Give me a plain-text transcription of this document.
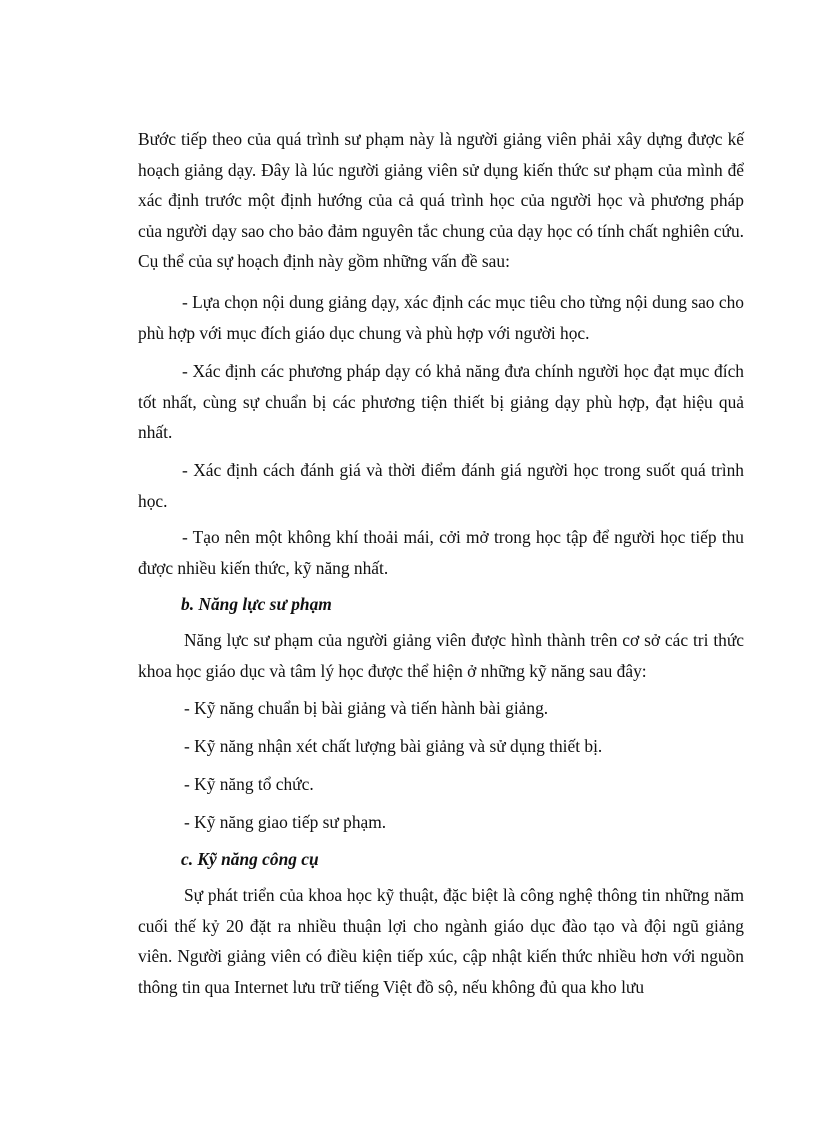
Bước tiếp theo của quá trình sư phạm này là người giảng viên phải xây dựng được kế hoạch giảng dạy. Đây là lúc người giảng viên sử dụng kiến thức sư phạm của mình để xác định trước một định hướng của cả quá trình học của người học và phương pháp của người dạy sao cho bảo đảm nguyên tắc chung của dạy học có tính chất nghiên cứu. Cụ thể của sự hoạch định này gồm những vấn đề sau:

- Lựa chọn nội dung giảng dạy, xác định các mục tiêu cho từng nội dung sao cho phù hợp với mục đích giáo dục chung và phù hợp với người học.

- Xác định các phương pháp dạy có khả năng đưa chính người học đạt mục đích tốt nhất, cùng sự chuẩn bị các phương tiện thiết bị giảng dạy phù hợp, đạt hiệu quả nhất.

- Xác định cách đánh giá và thời điểm đánh giá người học trong suốt quá trình học.

- Tạo nên một không khí thoải mái, cởi mở trong học tập để người học tiếp thu được nhiều kiến thức, kỹ năng nhất.

b. Năng lực sư phạm

Năng lực sư phạm của người giảng viên được hình thành trên cơ sở các tri thức khoa học giáo dục và tâm lý học được thể hiện ở những kỹ năng sau đây:

- Kỹ năng chuẩn bị bài giảng và tiến hành bài giảng.

- Kỹ năng nhận xét chất lượng bài giảng và sử dụng thiết bị.

- Kỹ năng tổ chức.

- Kỹ năng giao tiếp sư phạm.

c. Kỹ năng công cụ

Sự phát triển của khoa học kỹ thuật, đặc biệt là công nghệ thông tin những năm cuối thế kỷ 20 đặt ra nhiều thuận lợi cho ngành giáo dục đào tạo và đội ngũ giảng viên. Người giảng viên có điều kiện tiếp xúc, cập nhật kiến thức nhiều hơn với nguồn thông tin qua Internet lưu trữ tiếng Việt đồ sộ, nếu không đủ qua kho lưu
